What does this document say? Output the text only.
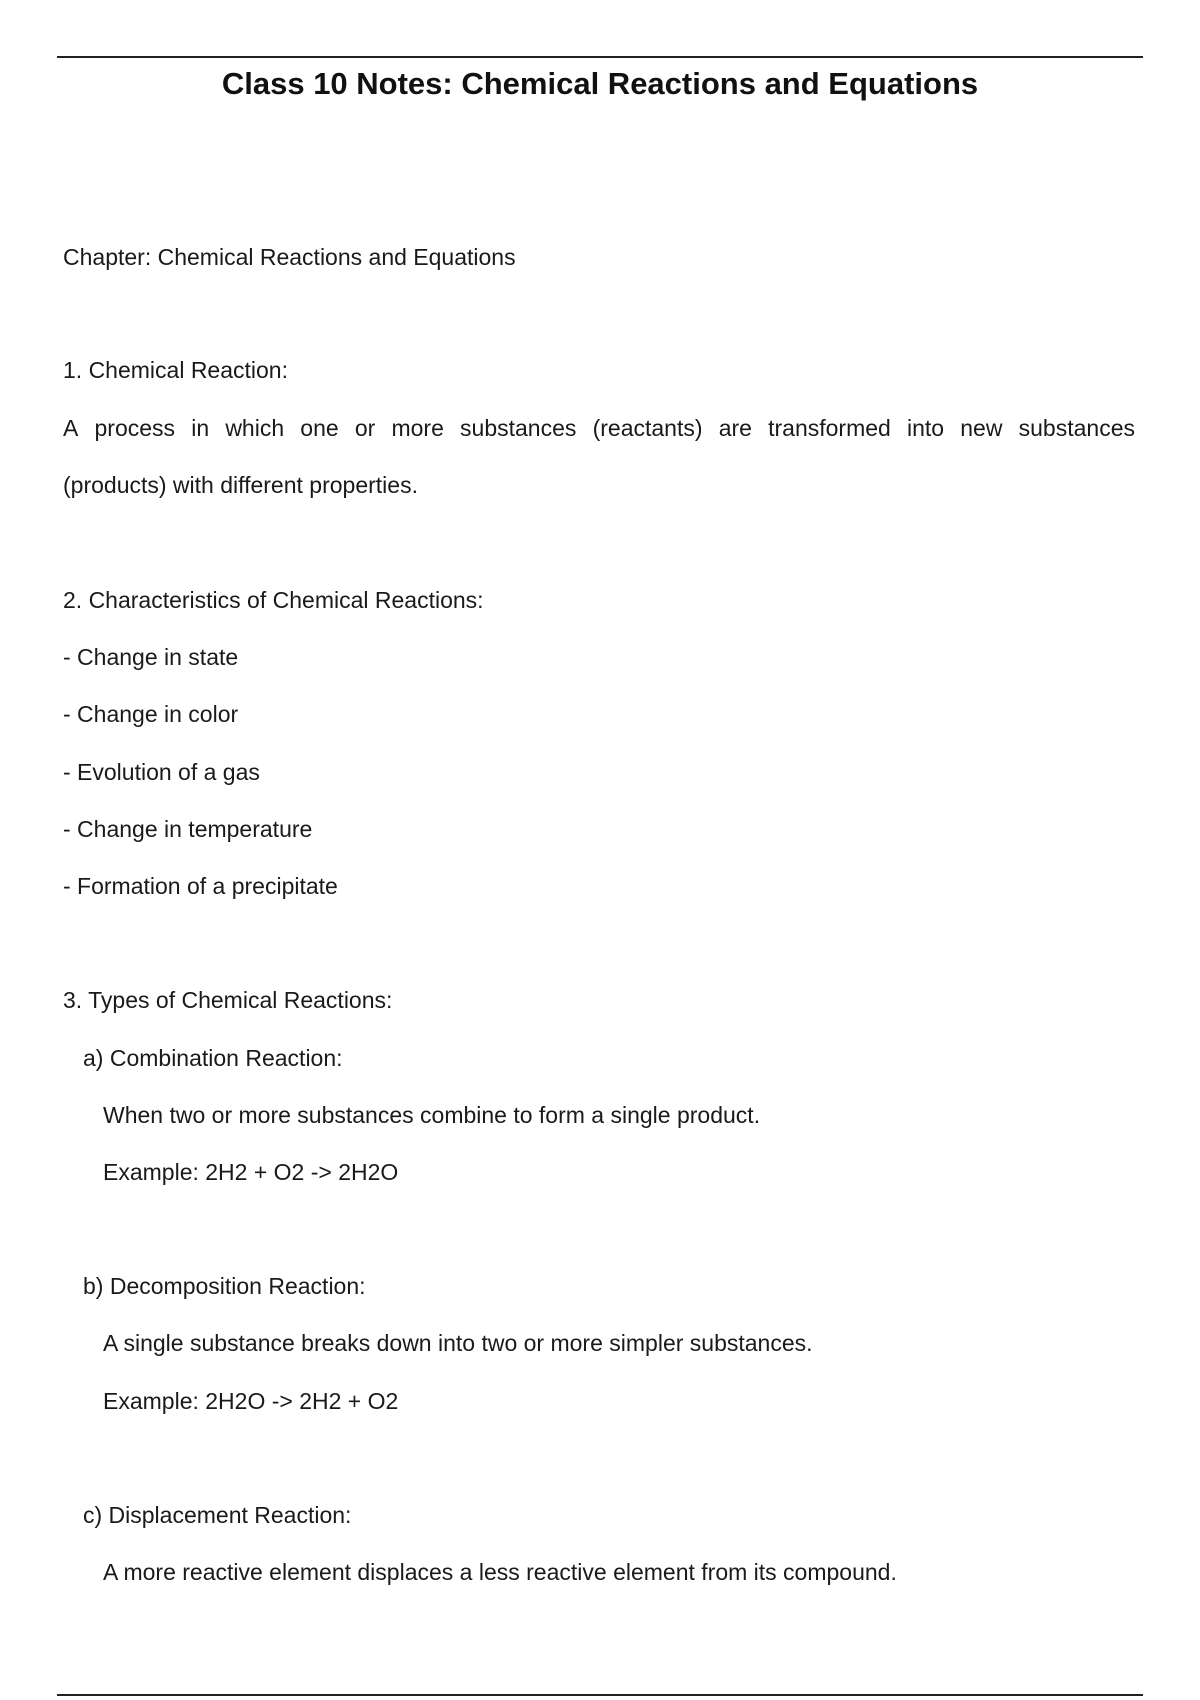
Class 10 Notes: Chemical Reactions and Equations

Chapter: Chemical Reactions and Equations

1. Chemical Reaction:

A process in which one or more substances (reactants) are transformed into new substances

(products) with different properties.

2. Characteristics of Chemical Reactions:

- Change in state

- Change in color

- Evolution of a gas

- Change in temperature

- Formation of a precipitate

3. Types of Chemical Reactions:

a) Combination Reaction:

When two or more substances combine to form a single product.

Example: 2H2 + O2 -> 2H2O

b) Decomposition Reaction:

A single substance breaks down into two or more simpler substances.

Example: 2H2O -> 2H2 + O2

c) Displacement Reaction:

A more reactive element displaces a less reactive element from its compound.
